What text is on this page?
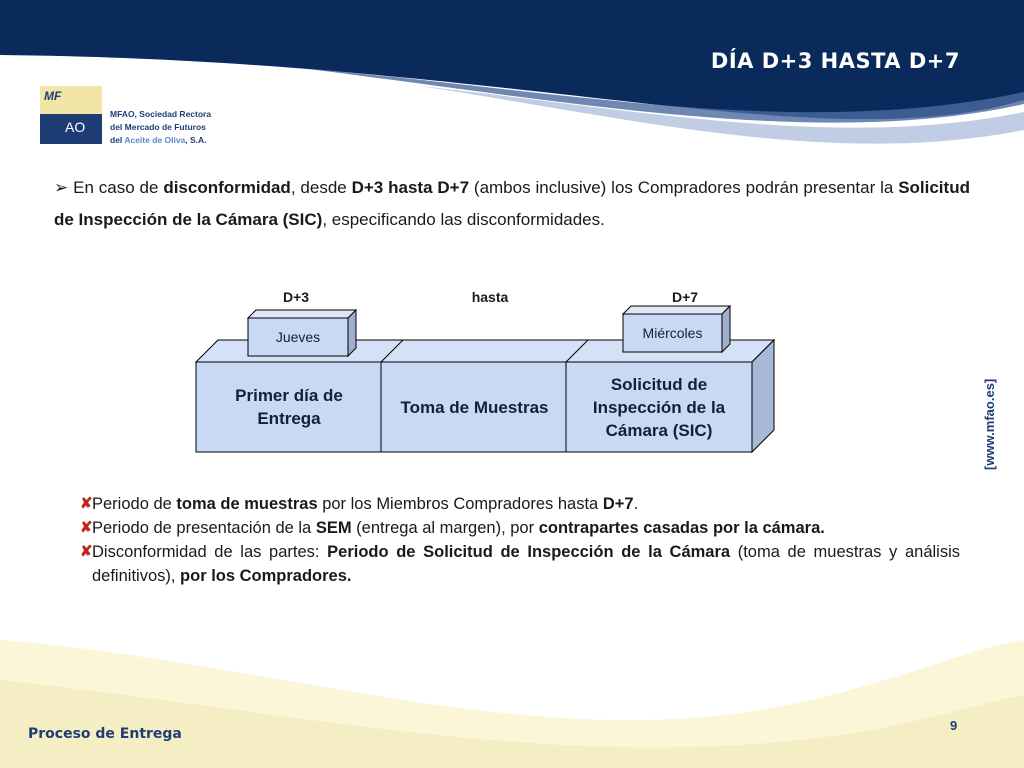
DÍA D+3 HASTA D+7
MF
AO
MFAO, Sociedad Rectora
del Mercado de Futuros
del Aceite de Oliva, S.A.
➢ En caso de disconformidad, desde D+3 hasta D+7 (ambos inclusive) los Compradores podrán presentar la Solicitud de Inspección de la Cámara (SIC), especificando las disconformidades.
D+3	hasta	D+7
Jueves	Miércoles
Primer día de Entrega
Toma de Muestras
Solicitud de Inspección de la Cámara (SIC)
✘ Periodo de toma de muestras por los Miembros Compradores hasta D+7.
✘ Periodo de presentación de la SEM (entrega al margen), por contrapartes casadas por la cámara.
✘ Disconformidad de las partes: Periodo de Solicitud de Inspección de la Cámara (toma de muestras y análisis definitivos), por los Compradores.
[www.mfao.es]
Proceso de Entrega
9
